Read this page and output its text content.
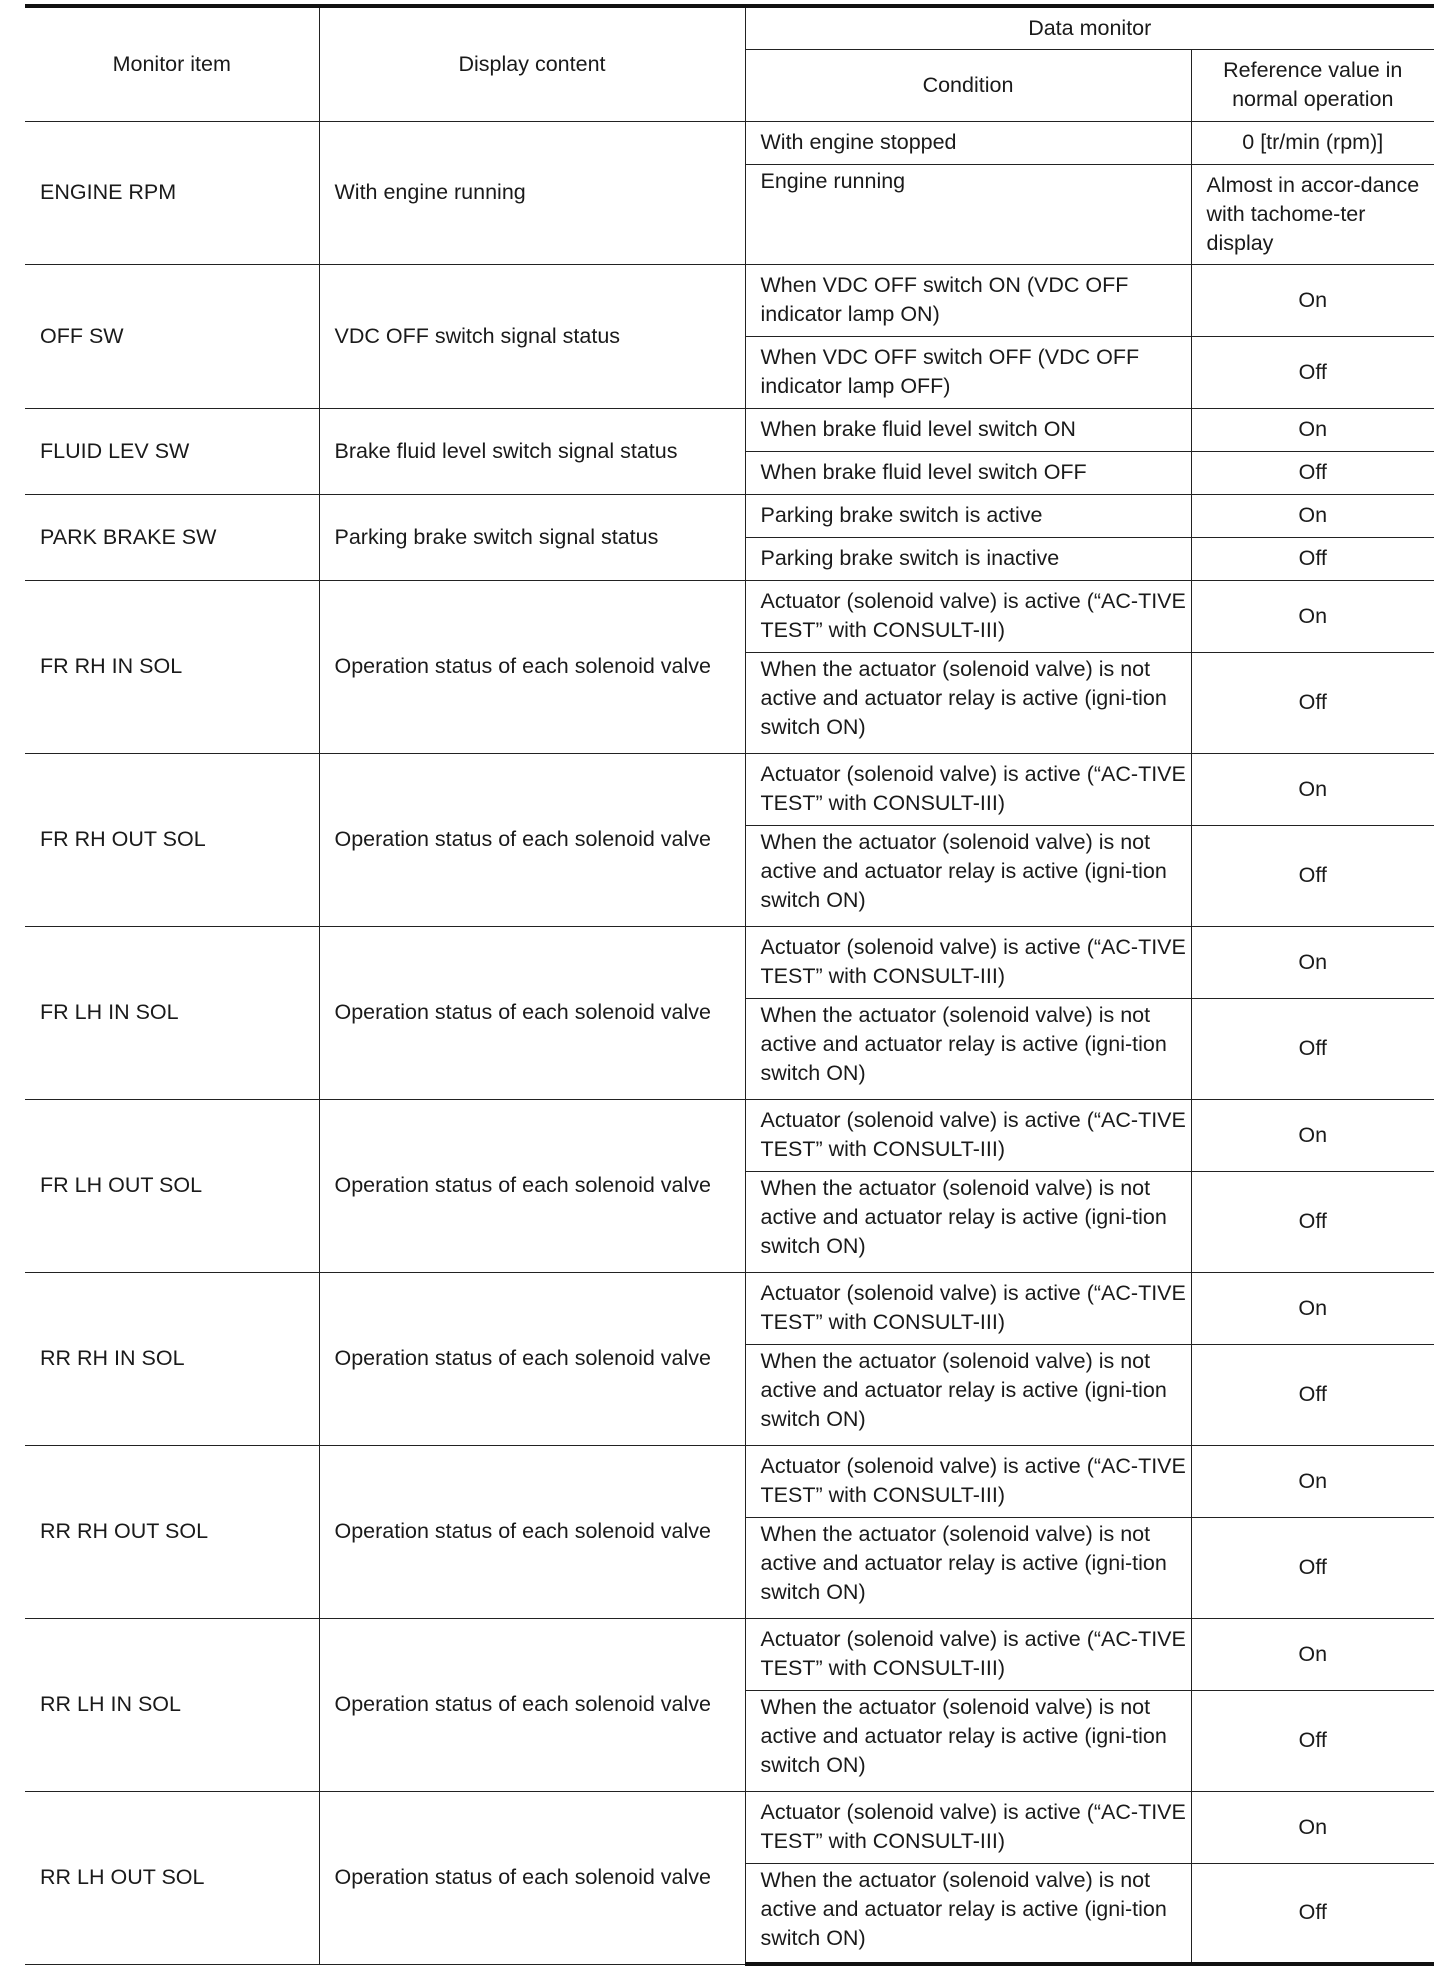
Monitor item	Display content	Data monitor	
		Condition	Reference value in normal operation
ENGINE RPM	With engine running	With engine stopped	0 [tr/min (rpm)]
		Engine running	Almost in accor-dance with tachome-ter display
OFF SW	VDC OFF switch signal status	When VDC OFF switch ON (VDC OFF indicator lamp ON)	On
		When VDC OFF switch OFF (VDC OFF indicator lamp OFF)	Off
FLUID LEV SW	Brake fluid level switch signal status	When brake fluid level switch ON	On
		When brake fluid level switch OFF	Off
PARK BRAKE SW	Parking brake switch signal status	Parking brake switch is active	On
		Parking brake switch is inactive	Off
FR RH IN SOL	Operation status of each solenoid valve	Actuator (solenoid valve) is active (“AC-TIVE TEST” with CONSULT-III)	On
		When the actuator (solenoid valve) is not active and actuator relay is active (igni-tion switch ON)	Off
FR RH OUT SOL	Operation status of each solenoid valve	Actuator (solenoid valve) is active (“AC-TIVE TEST” with CONSULT-III)	On
		When the actuator (solenoid valve) is not active and actuator relay is active (igni-tion switch ON)	Off
FR LH IN SOL	Operation status of each solenoid valve	Actuator (solenoid valve) is active (“AC-TIVE TEST” with CONSULT-III)	On
		When the actuator (solenoid valve) is not active and actuator relay is active (igni-tion switch ON)	Off
FR LH OUT SOL	Operation status of each solenoid valve	Actuator (solenoid valve) is active (“AC-TIVE TEST” with CONSULT-III)	On
		When the actuator (solenoid valve) is not active and actuator relay is active (igni-tion switch ON)	Off
RR RH IN SOL	Operation status of each solenoid valve	Actuator (solenoid valve) is active (“AC-TIVE TEST” with CONSULT-III)	On
		When the actuator (solenoid valve) is not active and actuator relay is active (igni-tion switch ON)	Off
RR RH OUT SOL	Operation status of each solenoid valve	Actuator (solenoid valve) is active (“AC-TIVE TEST” with CONSULT-III)	On
		When the actuator (solenoid valve) is not active and actuator relay is active (igni-tion switch ON)	Off
RR LH IN SOL	Operation status of each solenoid valve	Actuator (solenoid valve) is active (“AC-TIVE TEST” with CONSULT-III)	On
		When the actuator (solenoid valve) is not active and actuator relay is active (igni-tion switch ON)	Off
RR LH OUT SOL	Operation status of each solenoid valve	Actuator (solenoid valve) is active (“AC-TIVE TEST” with CONSULT-III)	On
		When the actuator (solenoid valve) is not active and actuator relay is active (igni-tion switch ON)	Off
